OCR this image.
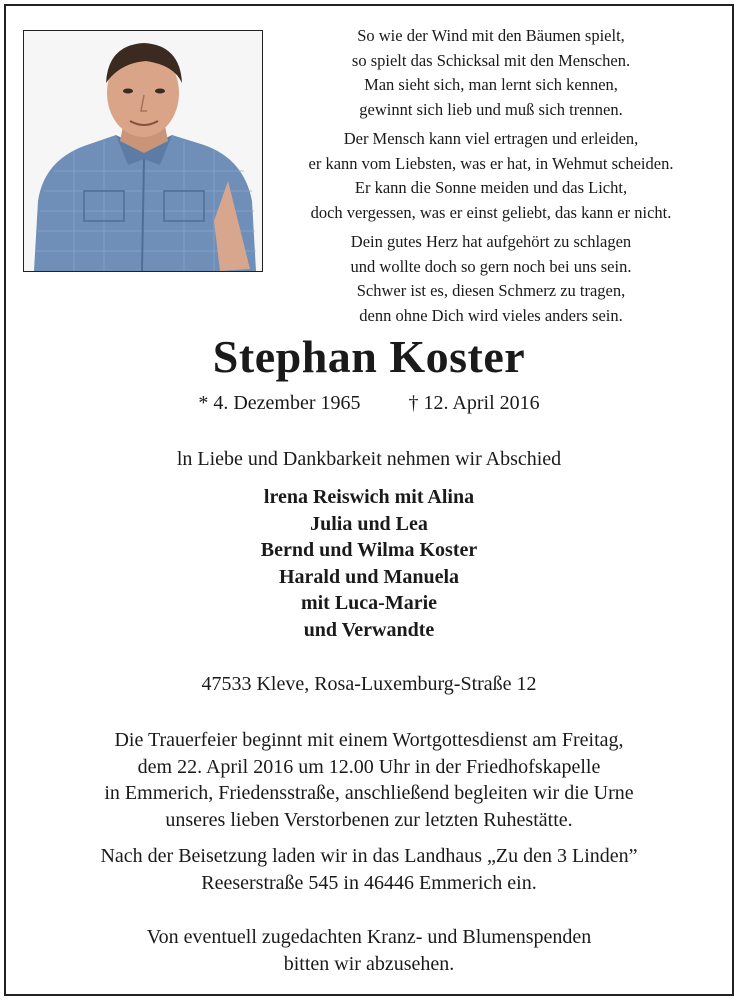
So wie der Wind mit den Bäumen spielt,
so spielt das Schicksal mit den Menschen.
Man sieht sich, man lernt sich kennen,
gewinnt sich lieb und muß sich trennen.
Der Mensch kann viel ertragen und erleiden,
er kann vom Liebsten, was er hat, in Wehmut scheiden.
Er kann die Sonne meiden und das Licht,
doch vergessen, was er einst geliebt, das kann er nicht.
Dein gutes Herz hat aufgehört zu schlagen
und wollte doch so gern noch bei uns sein.
Schwer ist es, diesen Schmerz zu tragen,
denn ohne Dich wird vieles anders sein.
Stephan Koster
* 4. Dezember 1965 † 12. April 2016
ln Liebe und Dankbarkeit nehmen wir Abschied
lrena Reiswich mit Alina
Julia und Lea
Bernd und Wilma Koster
Harald und Manuela
mit Luca-Marie
und Verwandte
47533 Kleve, Rosa-Luxemburg-Straße 12
Die Trauerfeier beginnt mit einem Wortgottesdienst am Freitag,
dem 22. April 2016 um 12.00 Uhr in der Friedhofskapelle
in Emmerich, Friedensstraße, anschließend begleiten wir die Urne
unseres lieben Verstorbenen zur letzten Ruhestätte.
Nach der Beisetzung laden wir in das Landhaus „Zu den 3 Linden”
Reeserstraße 545 in 46446 Emmerich ein.
Von eventuell zugedachten Kranz- und Blumenspenden
bitten wir abzusehen.
